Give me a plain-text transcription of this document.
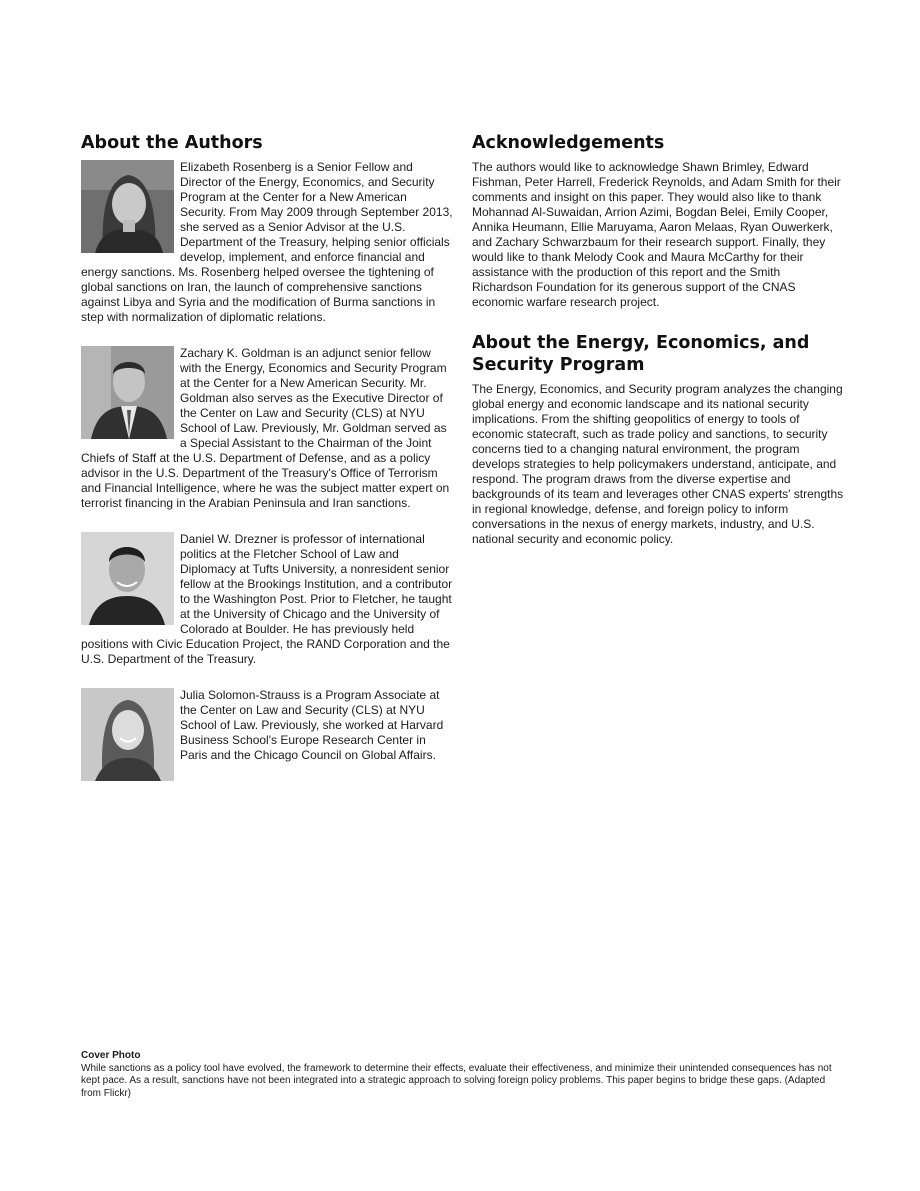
About the Authors

Elizabeth Rosenberg is a Senior Fellow and Director of the Energy, Economics, and Security Program at the Center for a New American Security. From May 2009 through September 2013, she served as a Senior Advisor at the U.S. Department of the Treasury, helping senior officials develop, implement, and enforce financial and energy sanctions. Ms. Rosenberg helped oversee the tightening of global sanctions on Iran, the launch of comprehensive sanctions against Libya and Syria and the modification of Burma sanctions in step with normalization of diplomatic relations.

Zachary K. Goldman is an adjunct senior fellow with the Energy, Economics and Security Program at the Center for a New American Security. Mr. Goldman also serves as the Executive Director of the Center on Law and Security (CLS) at NYU School of Law. Previously, Mr. Goldman served as a Special Assistant to the Chairman of the Joint Chiefs of Staff at the U.S. Department of Defense, and as a policy advisor in the U.S. Department of the Treasury's Office of Terrorism and Financial Intelligence, where he was the subject matter expert on terrorist financing in the Arabian Peninsula and Iran sanctions.

Daniel W. Drezner is professor of international politics at the Fletcher School of Law and Diplomacy at Tufts University, a nonresident senior fellow at the Brookings Institution, and a contributor to the Washington Post. Prior to Fletcher, he taught at the University of Chicago and the University of Colorado at Boulder. He has previously held positions with Civic Education Project, the RAND Corporation and the U.S. Department of the Treasury.

Julia Solomon-Strauss is a Program Associate at the Center on Law and Security (CLS) at NYU School of Law. Previously, she worked at Harvard Business School's Europe Research Center in Paris and the Chicago Council on Global Affairs.

Acknowledgements

The authors would like to acknowledge Shawn Brimley, Edward Fishman, Peter Harrell, Frederick Reynolds, and Adam Smith for their comments and insight on this paper. They would also like to thank Mohannad Al-Suwaidan, Arrion Azimi, Bogdan Belei, Emily Cooper, Annika Heumann, Ellie Maruyama, Aaron Melaas, Ryan Ouwerkerk, and Zachary Schwarzbaum for their research support. Finally, they would like to thank Melody Cook and Maura McCarthy for their assistance with the production of this report and the Smith Richardson Foundation for its generous support of the CNAS economic warfare research project.

About the Energy, Economics, and Security Program

The Energy, Economics, and Security program analyzes the changing global energy and economic landscape and its national security implications. From the shifting geopolitics of energy to tools of economic statecraft, such as trade policy and sanctions, to security concerns tied to a changing natural environment, the program develops strategies to help policymakers understand, anticipate, and respond. The program draws from the diverse expertise and backgrounds of its team and leverages other CNAS experts' strengths in regional knowledge, defense, and foreign policy to inform conversations in the nexus of energy markets, industry, and U.S. national security and economic policy.

Cover Photo
While sanctions as a policy tool have evolved, the framework to determine their effects, evaluate their effectiveness, and minimize their unintended consequences has not kept pace. As a result, sanctions have not been integrated into a strategic approach to solving foreign policy problems. This paper begins to bridge these gaps. (Adapted from Flickr)
